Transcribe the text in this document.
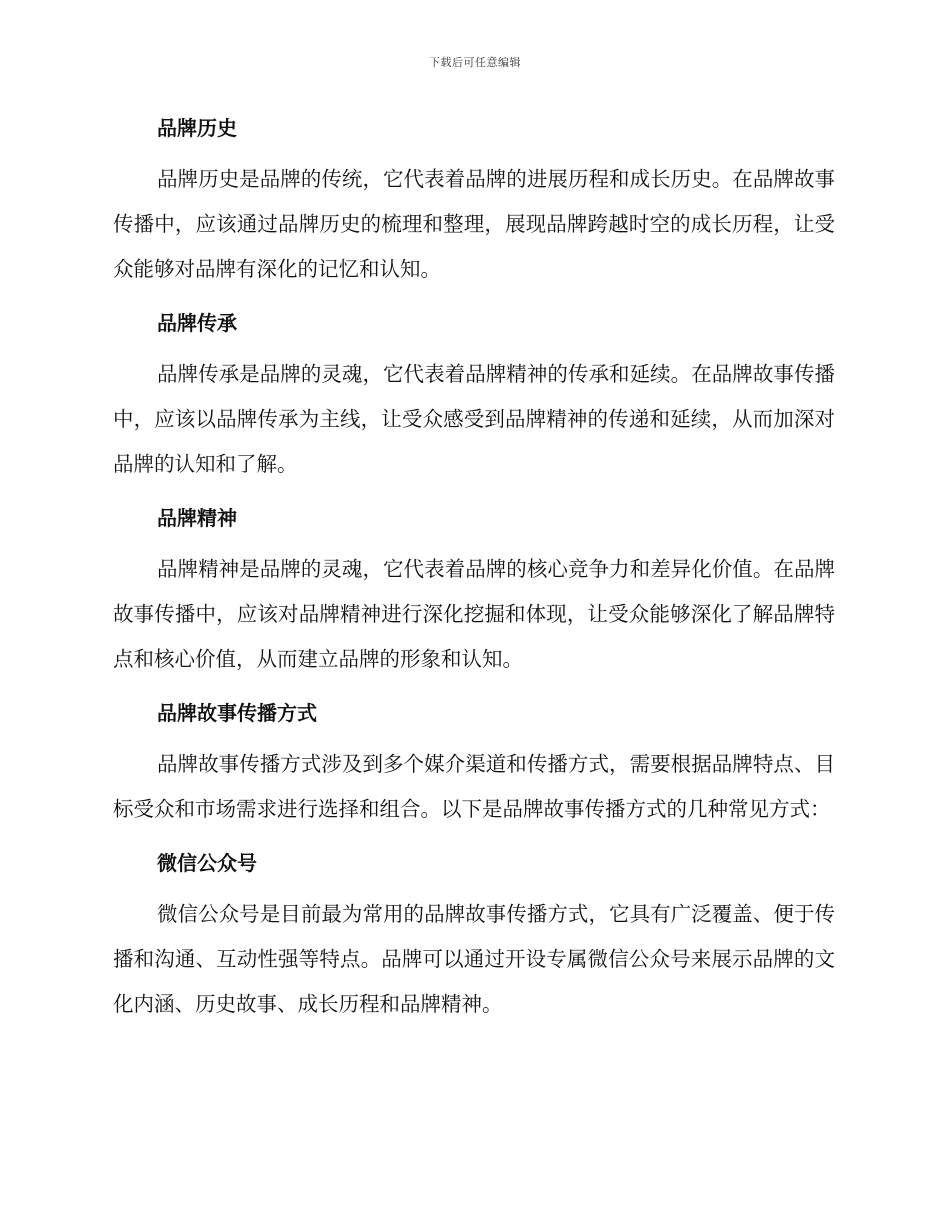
下载后可任意编辑
品牌历史

品牌历史是品牌的传统，它代表着品牌的进展历程和成长历史。在品牌故事传播中，应该通过品牌历史的梳理和整理，展现品牌跨越时空的成长历程，让受众能够对品牌有深化的记忆和认知。

品牌传承

品牌传承是品牌的灵魂，它代表着品牌精神的传承和延续。在品牌故事传播中，应该以品牌传承为主线，让受众感受到品牌精神的传递和延续，从而加深对品牌的认知和了解。

品牌精神

品牌精神是品牌的灵魂，它代表着品牌的核心竞争力和差异化价值。在品牌故事传播中，应该对品牌精神进行深化挖掘和体现，让受众能够深化了解品牌特点和核心价值，从而建立品牌的形象和认知。

品牌故事传播方式

品牌故事传播方式涉及到多个媒介渠道和传播方式，需要根据品牌特点、目标受众和市场需求进行选择和组合。以下是品牌故事传播方式的几种常见方式：

微信公众号

微信公众号是目前最为常用的品牌故事传播方式，它具有广泛覆盖、便于传播和沟通、互动性强等特点。品牌可以通过开设专属微信公众号来展示品牌的文化内涵、历史故事、成长历程和品牌精神。
